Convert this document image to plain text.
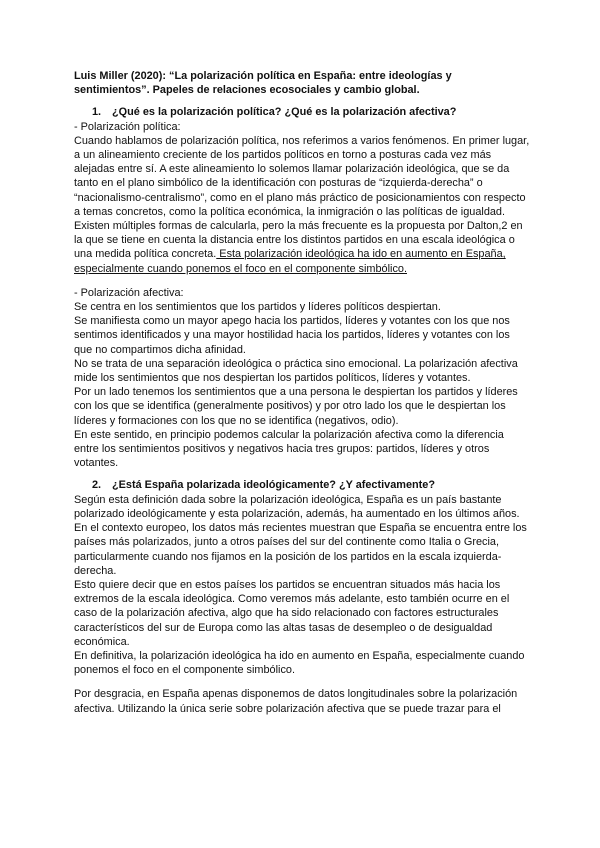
Luis Miller (2020): “La polarización política en España: entre ideologías y sentimientos”. Papeles de relaciones ecosociales y cambio global.

1. ¿Qué es la polarización política? ¿Qué es la polarización afectiva?

- Polarización política:

Cuando hablamos de polarización política, nos referimos a varios fenómenos. En primer lugar, a un alineamiento creciente de los partidos políticos en torno a posturas cada vez más alejadas entre sí. A este alineamiento lo solemos llamar polarización ideológica, que se da tanto en el plano simbólico de la identificación con posturas de “izquierda-derecha” o “nacionalismo-centralismo”, como en el plano más práctico de posicionamientos con respecto a temas concretos, como la política económica, la inmigración o las políticas de igualdad.

Existen múltiples formas de calcularla, pero la más frecuente es la propuesta por Dalton,2 en la que se tiene en cuenta la distancia entre los distintos partidos en una escala ideológica o una medida política concreta. Esta polarización ideológica ha ido en aumento en España, especialmente cuando ponemos el foco en el componente simbólico.

- Polarización afectiva:

Se centra en los sentimientos que los partidos y líderes políticos despiertan.

Se manifiesta como un mayor apego hacia los partidos, líderes y votantes con los que nos sentimos identificados y una mayor hostilidad hacia los partidos, líderes y votantes con los que no compartimos dicha afinidad.

No se trata de una separación ideológica o práctica sino emocional. La polarización afectiva mide los sentimientos que nos despiertan los partidos políticos, líderes y votantes.

Por un lado tenemos los sentimientos que a una persona le despiertan los partidos y líderes con los que se identifica (generalmente positivos) y por otro lado los que le despiertan los líderes y formaciones con los que no se identifica (negativos, odio).

En este sentido, en principio podemos calcular la polarización afectiva como la diferencia entre los sentimientos positivos y negativos hacia tres grupos: partidos, líderes y otros votantes.

2. ¿Está España polarizada ideológicamente? ¿Y afectivamente?

Según esta definición dada sobre la polarización ideológica, España es un país bastante polarizado ideológicamente y esta polarización, además, ha aumentado en los últimos años.

En el contexto europeo, los datos más recientes muestran que España se encuentra entre los países más polarizados, junto a otros países del sur del continente como Italia o Grecia, particularmente cuando nos fijamos en la posición de los partidos en la escala izquierda-derecha.

Esto quiere decir que en estos países los partidos se encuentran situados más hacia los extremos de la escala ideológica. Como veremos más adelante, esto también ocurre en el caso de la polarización afectiva, algo que ha sido relacionado con factores estructurales característicos del sur de Europa como las altas tasas de desempleo o de desigualdad económica.

En definitiva, la polarización ideológica ha ido en aumento en España, especialmente cuando ponemos el foco en el componente simbólico.

Por desgracia, en España apenas disponemos de datos longitudinales sobre la polarización afectiva. Utilizando la única serie sobre polarización afectiva que se puede trazar para el
